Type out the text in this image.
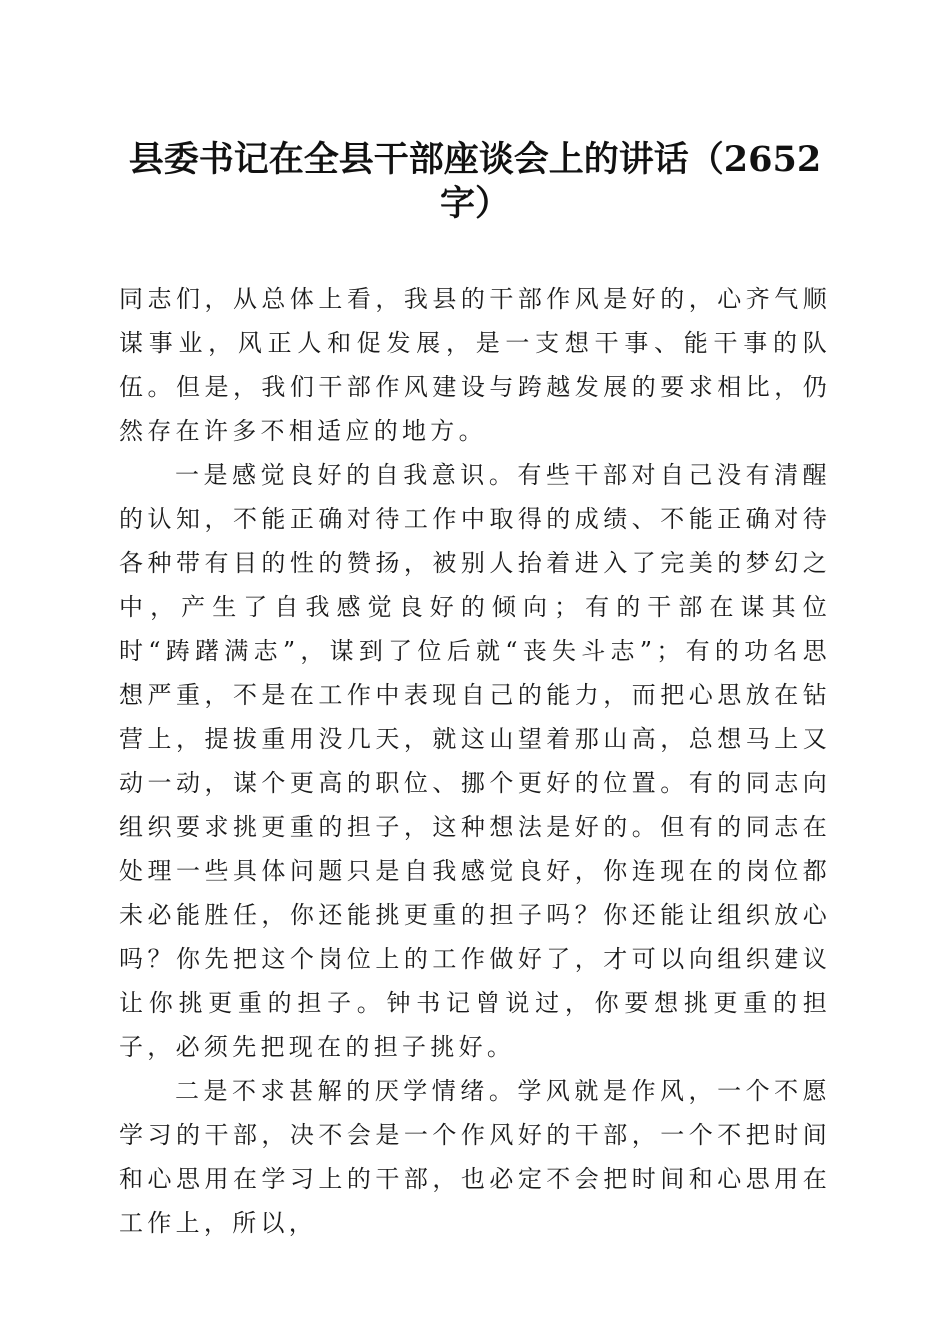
县委书记在全县干部座谈会上的讲话（2652字）

同志们，从总体上看，我县的干部作风是好的，心齐气顺谋事业，风正人和促发展，是一支想干事、能干事的队伍。但是，我们干部作风建设与跨越发展的要求相比，仍然存在许多不相适应的地方。

一是感觉良好的自我意识。有些干部对自己没有清醒的认知，不能正确对待工作中取得的成绩、不能正确对待各种带有目的性的赞扬，被别人抬着进入了完美的梦幻之中，产生了自我感觉良好的倾向；有的干部在谋其位时“踌躇满志”，谋到了位后就“丧失斗志”；有的功名思想严重，不是在工作中表现自己的能力，而把心思放在钻营上，提拔重用没几天，就这山望着那山高，总想马上又动一动，谋个更高的职位、挪个更好的位置。有的同志向组织要求挑更重的担子，这种想法是好的。但有的同志在处理一些具体问题只是自我感觉良好，你连现在的岗位都未必能胜任，你还能挑更重的担子吗？你还能让组织放心吗？你先把这个岗位上的工作做好了，才可以向组织建议让你挑更重的担子。钟书记曾说过，你要想挑更重的担子，必须先把现在的担子挑好。

二是不求甚解的厌学情绪。学风就是作风，一个不愿学习的干部，决不会是一个作风好的干部，一个不把时间和心思用在学习上的干部，也必定不会把时间和心思用在工作上，所以，
